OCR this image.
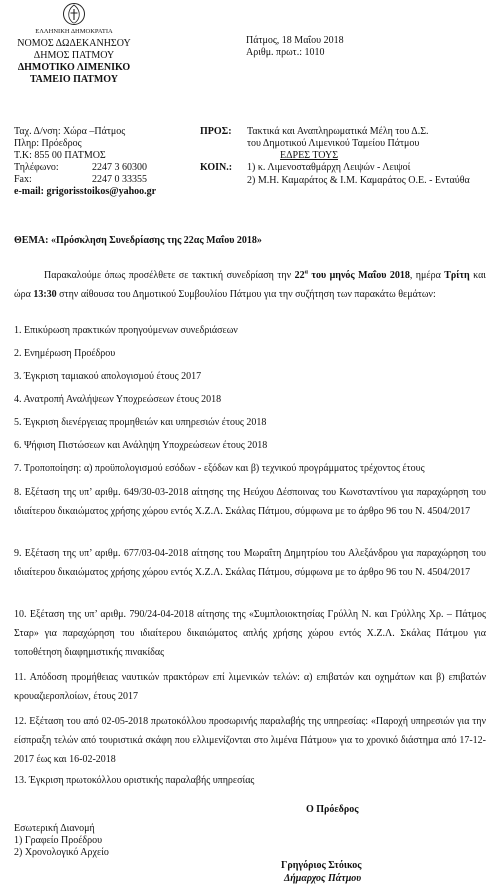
ΕΛΛΗΝΙΚΗ ΔΗΜΟΚΡΑΤΙΑ
ΝΟΜΟΣ ΔΩΔΕΚΑΝΗΣΟΥ
ΔΗΜΟΣ ΠΑΤΜΟΥ
ΔΗΜΟΤΙΚΟ ΛΙΜΕΝΙΚΟ
ΤΑΜΕΙΟ ΠΑΤΜΟΥ
Πάτμος, 18 Μαΐου 2018
Αριθμ. πρωτ.: 1010
Ταχ. Δ/νση: Χώρα –Πάτμος
Πληρ: Πρόεδρος
Τ.Κ: 855 00 ΠΑΤΜΟΣ
Τηλέφωνο:	2247 3 60300
Fax:	2247 0 33355
e-mail: grigorisstoikos@yahoo.gr
ΠΡΟΣ: Τακτικά και Αναπληρωματικά Μέλη του Δ.Σ.
του Δημοτικού Λιμενικού Ταμείου Πάτμου
ΕΔΡΕΣ ΤΟΥΣ
ΚΟΙΝ.: 1) κ. Λιμενοσταθμάρχη Λειψών - Λειψοί
2) Μ.Η. Καμαράτος & Ι.Μ. Καμαράτος Ο.Ε. - Ενταύθα
ΘΕΜΑ: «Πρόσκληση Συνεδρίασης της 22ας Μαΐου 2018»
Παρακαλούμε όπως προσέλθετε σε τακτική συνεδρίαση την $22^\alpha$ του μηνός Μαΐου 2018, ημέρα Τρίτη και ώρα 13:30 στην αίθουσα του Δημοτικού Συμβουλίου Πάτμου για την συζήτηση των παρακάτω θεμάτων:
1. Επικύρωση πρακτικών προηγούμενων συνεδριάσεων
2. Ενημέρωση Προέδρου
3. Έγκριση ταμιακού απολογισμού έτους 2017
4. Ανατροπή Αναλήψεων Υποχρεώσεων έτους 2018
5. Έγκριση διενέργειας προμηθειών και υπηρεσιών έτους 2018
6. Ψήφιση Πιστώσεων και Ανάληψη Υποχρεώσεων έτους 2018
7. Τροποποίηση: α) προϋπολογισμού εσόδων - εξόδων και β) τεχνικού προγράμματος τρέχοντος έτους
8. Εξέταση της υπ’ αριθμ. 649/30-03-2018 αίτησης της Ηεύχου Δέσποινας του Κωνσταντίνου για παραχώρηση του ιδιαίτερου δικαιώματος χρήσης χώρου εντός Χ.Ζ.Λ. Σκάλας Πάτμου, σύμφωνα με το άρθρο 96 του Ν. 4504/2017
9. Εξέταση της υπ’ αριθμ. 677/03-04-2018 αίτησης του Μωραΐτη Δημητρίου του Αλεξάνδρου για παραχώρηση του ιδιαίτερου δικαιώματος χρήσης χώρου εντός Χ.Ζ.Λ. Σκάλας Πάτμου, σύμφωνα με το άρθρο 96 του Ν. 4504/2017
10. Εξέταση της υπ’ αριθμ. 790/24-04-2018 αίτησης της «Συμπλοιοκτησίας Γρύλλη Ν. και Γρύλλης Χρ. – Πάτμος Σταρ» για παραχώρηση του ιδιαίτερου δικαιώματος απλής χρήσης χώρου εντός Χ.Ζ.Λ. Σκάλας Πάτμου για τοποθέτηση διαφημιστικής πινακίδας
11. Απόδοση προμήθειας ναυτικών πρακτόρων επί λιμενικών τελών: α) επιβατών και οχημάτων και β) επιβατών κρουαζιεροπλοίων, έτους 2017
12. Εξέταση του από 02-05-2018 πρωτοκόλλου προσωρινής παραλαβής της υπηρεσίας: «Παροχή υπηρεσιών για την είσπραξη τελών από τουριστικά σκάφη που ελλιμενίζονται στο λιμένα Πάτμου» για το χρονικό διάστημα από 17-12-2017 έως και 16-02-2018
13. Έγκριση πρωτοκόλλου οριστικής παραλαβής υπηρεσίας
Ο Πρόεδρος
Εσωτερική Διανομή
1) Γραφείο Προέδρου
2) Χρονολογικό Αρχείο
Γρηγόριος Στόικος
Δήμαρχος Πάτμου
